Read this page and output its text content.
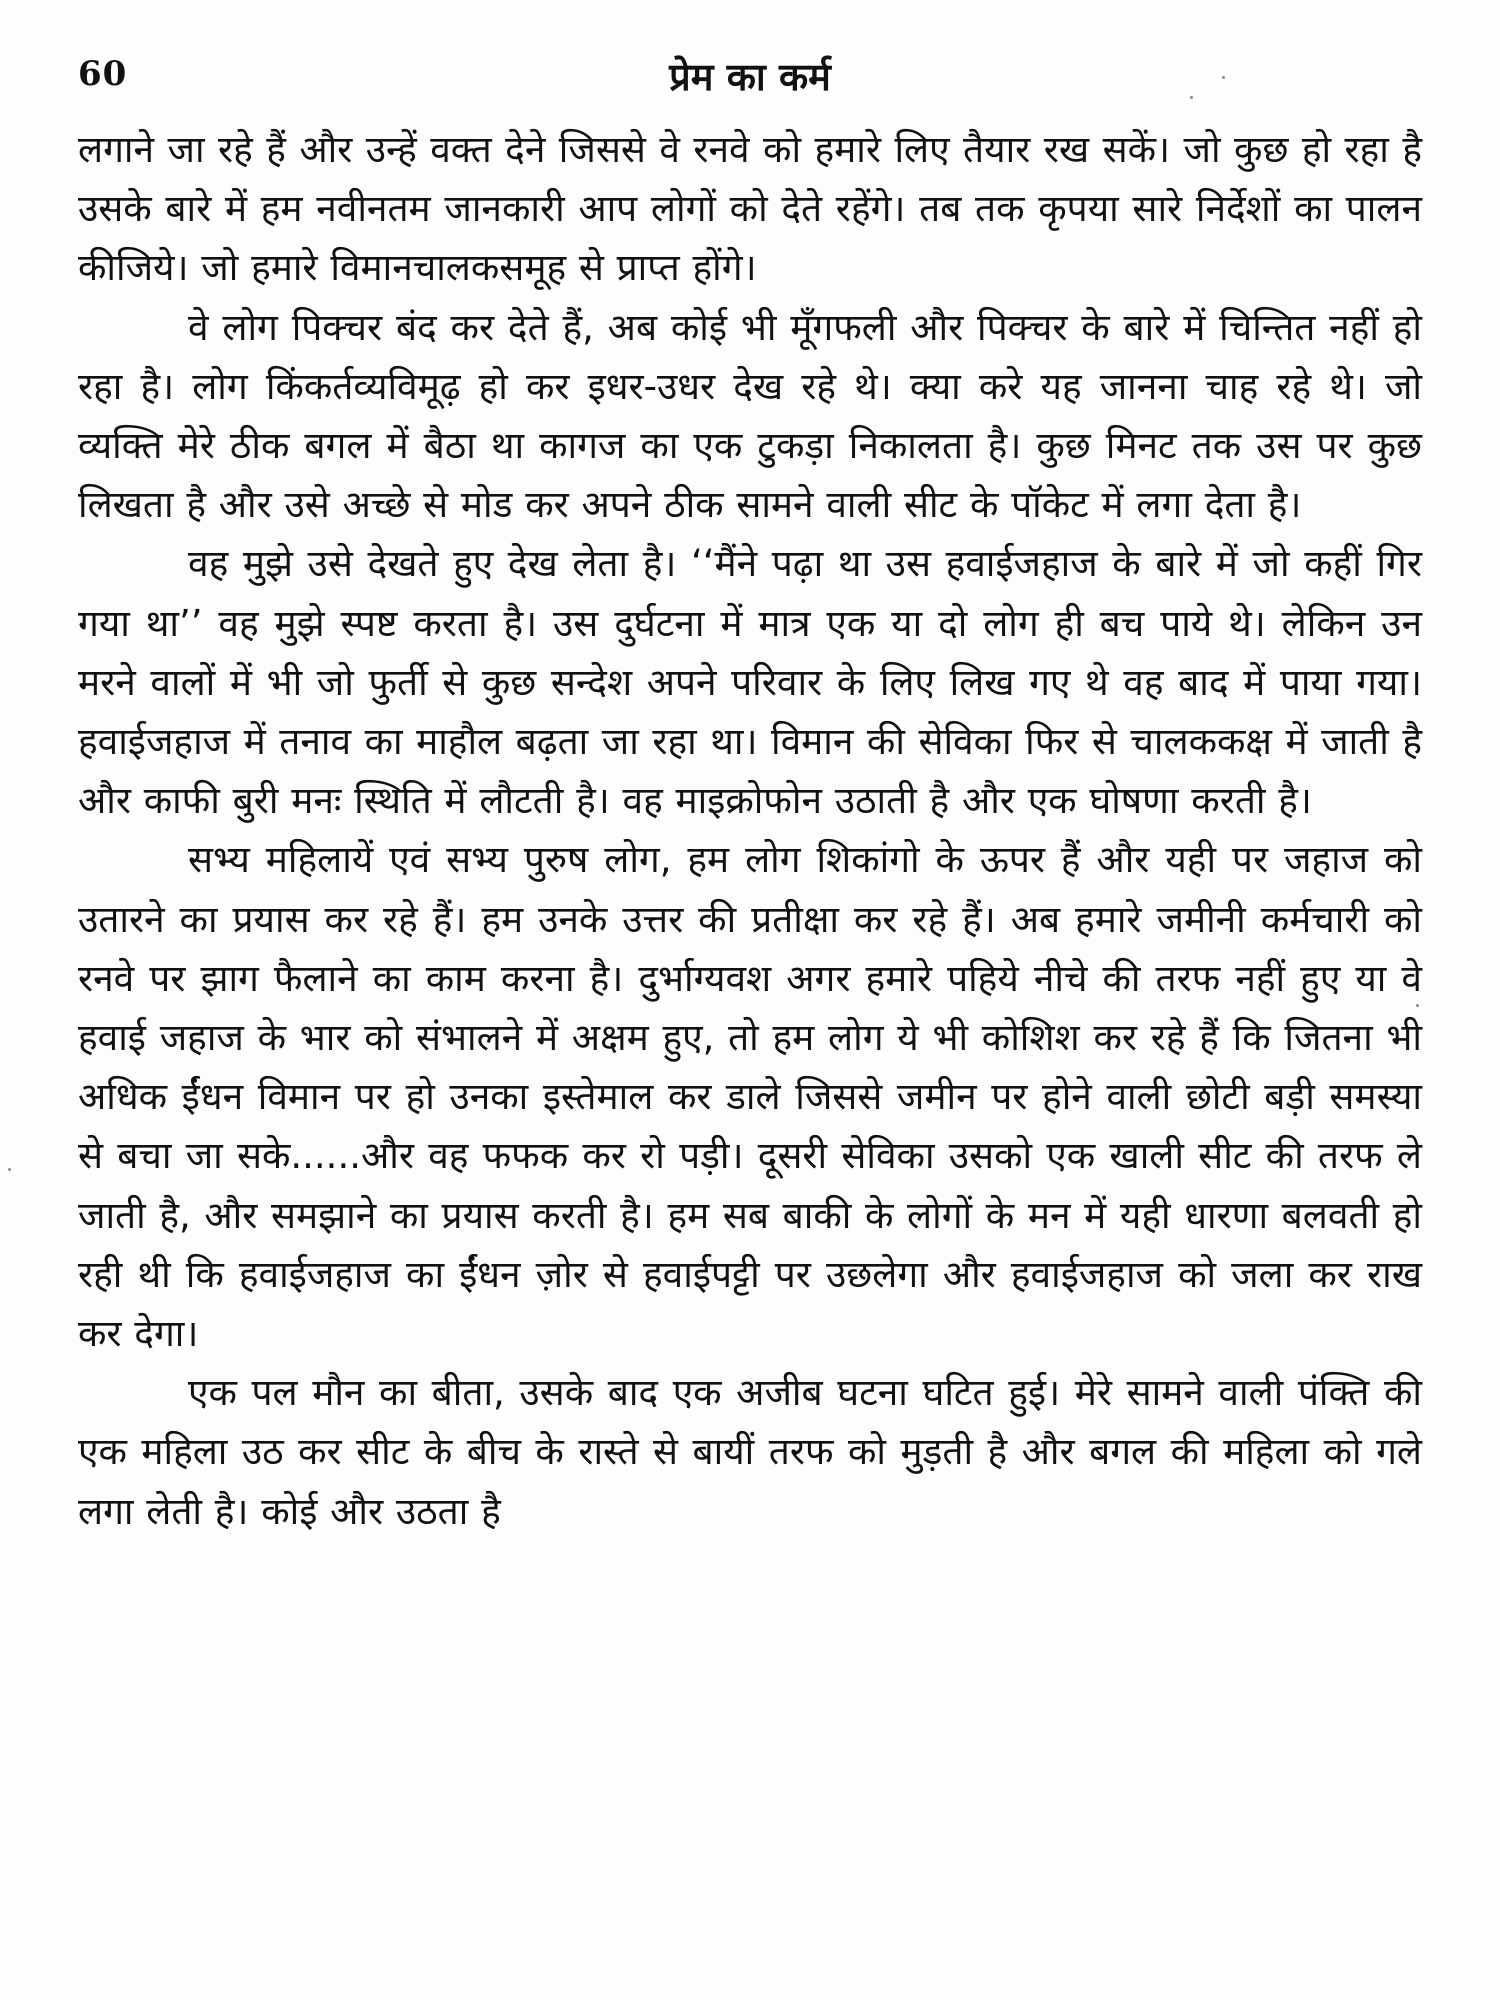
60	प्रेम का कर्म

लगाने जा रहे हैं और उन्हें वक्त देने जिससे वे रनवे को हमारे लिए तैयार रख सकें। जो कुछ हो रहा है उसके बारे में हम नवीनतम जानकारी आप लोगों को देते रहेंगे। तब तक कृपया सारे निर्देशों का पालन कीजिये। जो हमारे विमानचालकसमूह से प्राप्त होंगे।

वे लोग पिक्चर बंद कर देते हैं, अब कोई भी मूँगफली और पिक्चर के बारे में चिन्तित नहीं हो रहा है। लोग किंकर्तव्यविमूढ़ हो कर इधर-उधर देख रहे थे। क्या करे यह जानना चाह रहे थे। जो व्यक्ति मेरे ठीक बगल में बैठा था कागज का एक टुकड़ा निकालता है। कुछ मिनट तक उस पर कुछ लिखता है और उसे अच्छे से मोड कर अपने ठीक सामने वाली सीट के पॉकेट में लगा देता है।

वह मुझे उसे देखते हुए देख लेता है। ‘‘मैंने पढ़ा था उस हवाईजहाज के बारे में जो कहीं गिर गया था’’ वह मुझे स्पष्ट करता है। उस दुर्घटना में मात्र एक या दो लोग ही बच पाये थे। लेकिन उन मरने वालों में भी जो फुर्ती से कुछ सन्देश अपने परिवार के लिए लिख गए थे वह बाद में पाया गया। हवाईजहाज में तनाव का माहौल बढ़ता जा रहा था। विमान की सेविका फिर से चालककक्ष में जाती है और काफी बुरी मनः स्थिति में लौटती है। वह माइक्रोफोन उठाती है और एक घोषणा करती है।

सभ्य महिलायें एवं सभ्य पुरुष लोग, हम लोग शिकांगो के ऊपर हैं और यही पर जहाज को उतारने का प्रयास कर रहे हैं। हम उनके उत्तर की प्रतीक्षा कर रहे हैं। अब हमारे जमीनी कर्मचारी को रनवे पर झाग फैलाने का काम करना है। दुर्भाग्यवश अगर हमारे पहिये नीचे की तरफ नहीं हुए या वे हवाई जहाज के भार को संभालने में अक्षम हुए, तो हम लोग ये भी कोशिश कर रहे हैं कि जितना भी अधिक ईंधन विमान पर हो उनका इस्तेमाल कर डाले जिससे जमीन पर होने वाली छोटी बड़ी समस्या से बचा जा सके......और वह फफक कर रो पड़ी। दूसरी सेविका उसको एक खाली सीट की तरफ ले जाती है, और समझाने का प्रयास करती है। हम सब बाकी के लोगों के मन में यही धारणा बलवती हो रही थी कि हवाईजहाज का ईंधन ज़ोर से हवाईपट्टी पर उछलेगा और हवाईजहाज को जला कर राख कर देगा।

एक पल मौन का बीता, उसके बाद एक अजीब घटना घटित हुई। मेरे सामने वाली पंक्ति की एक महिला उठ कर सीट के बीच के रास्ते से बायीं तरफ को मुड़ती है और बगल की महिला को गले लगा लेती है। कोई और उठता है
